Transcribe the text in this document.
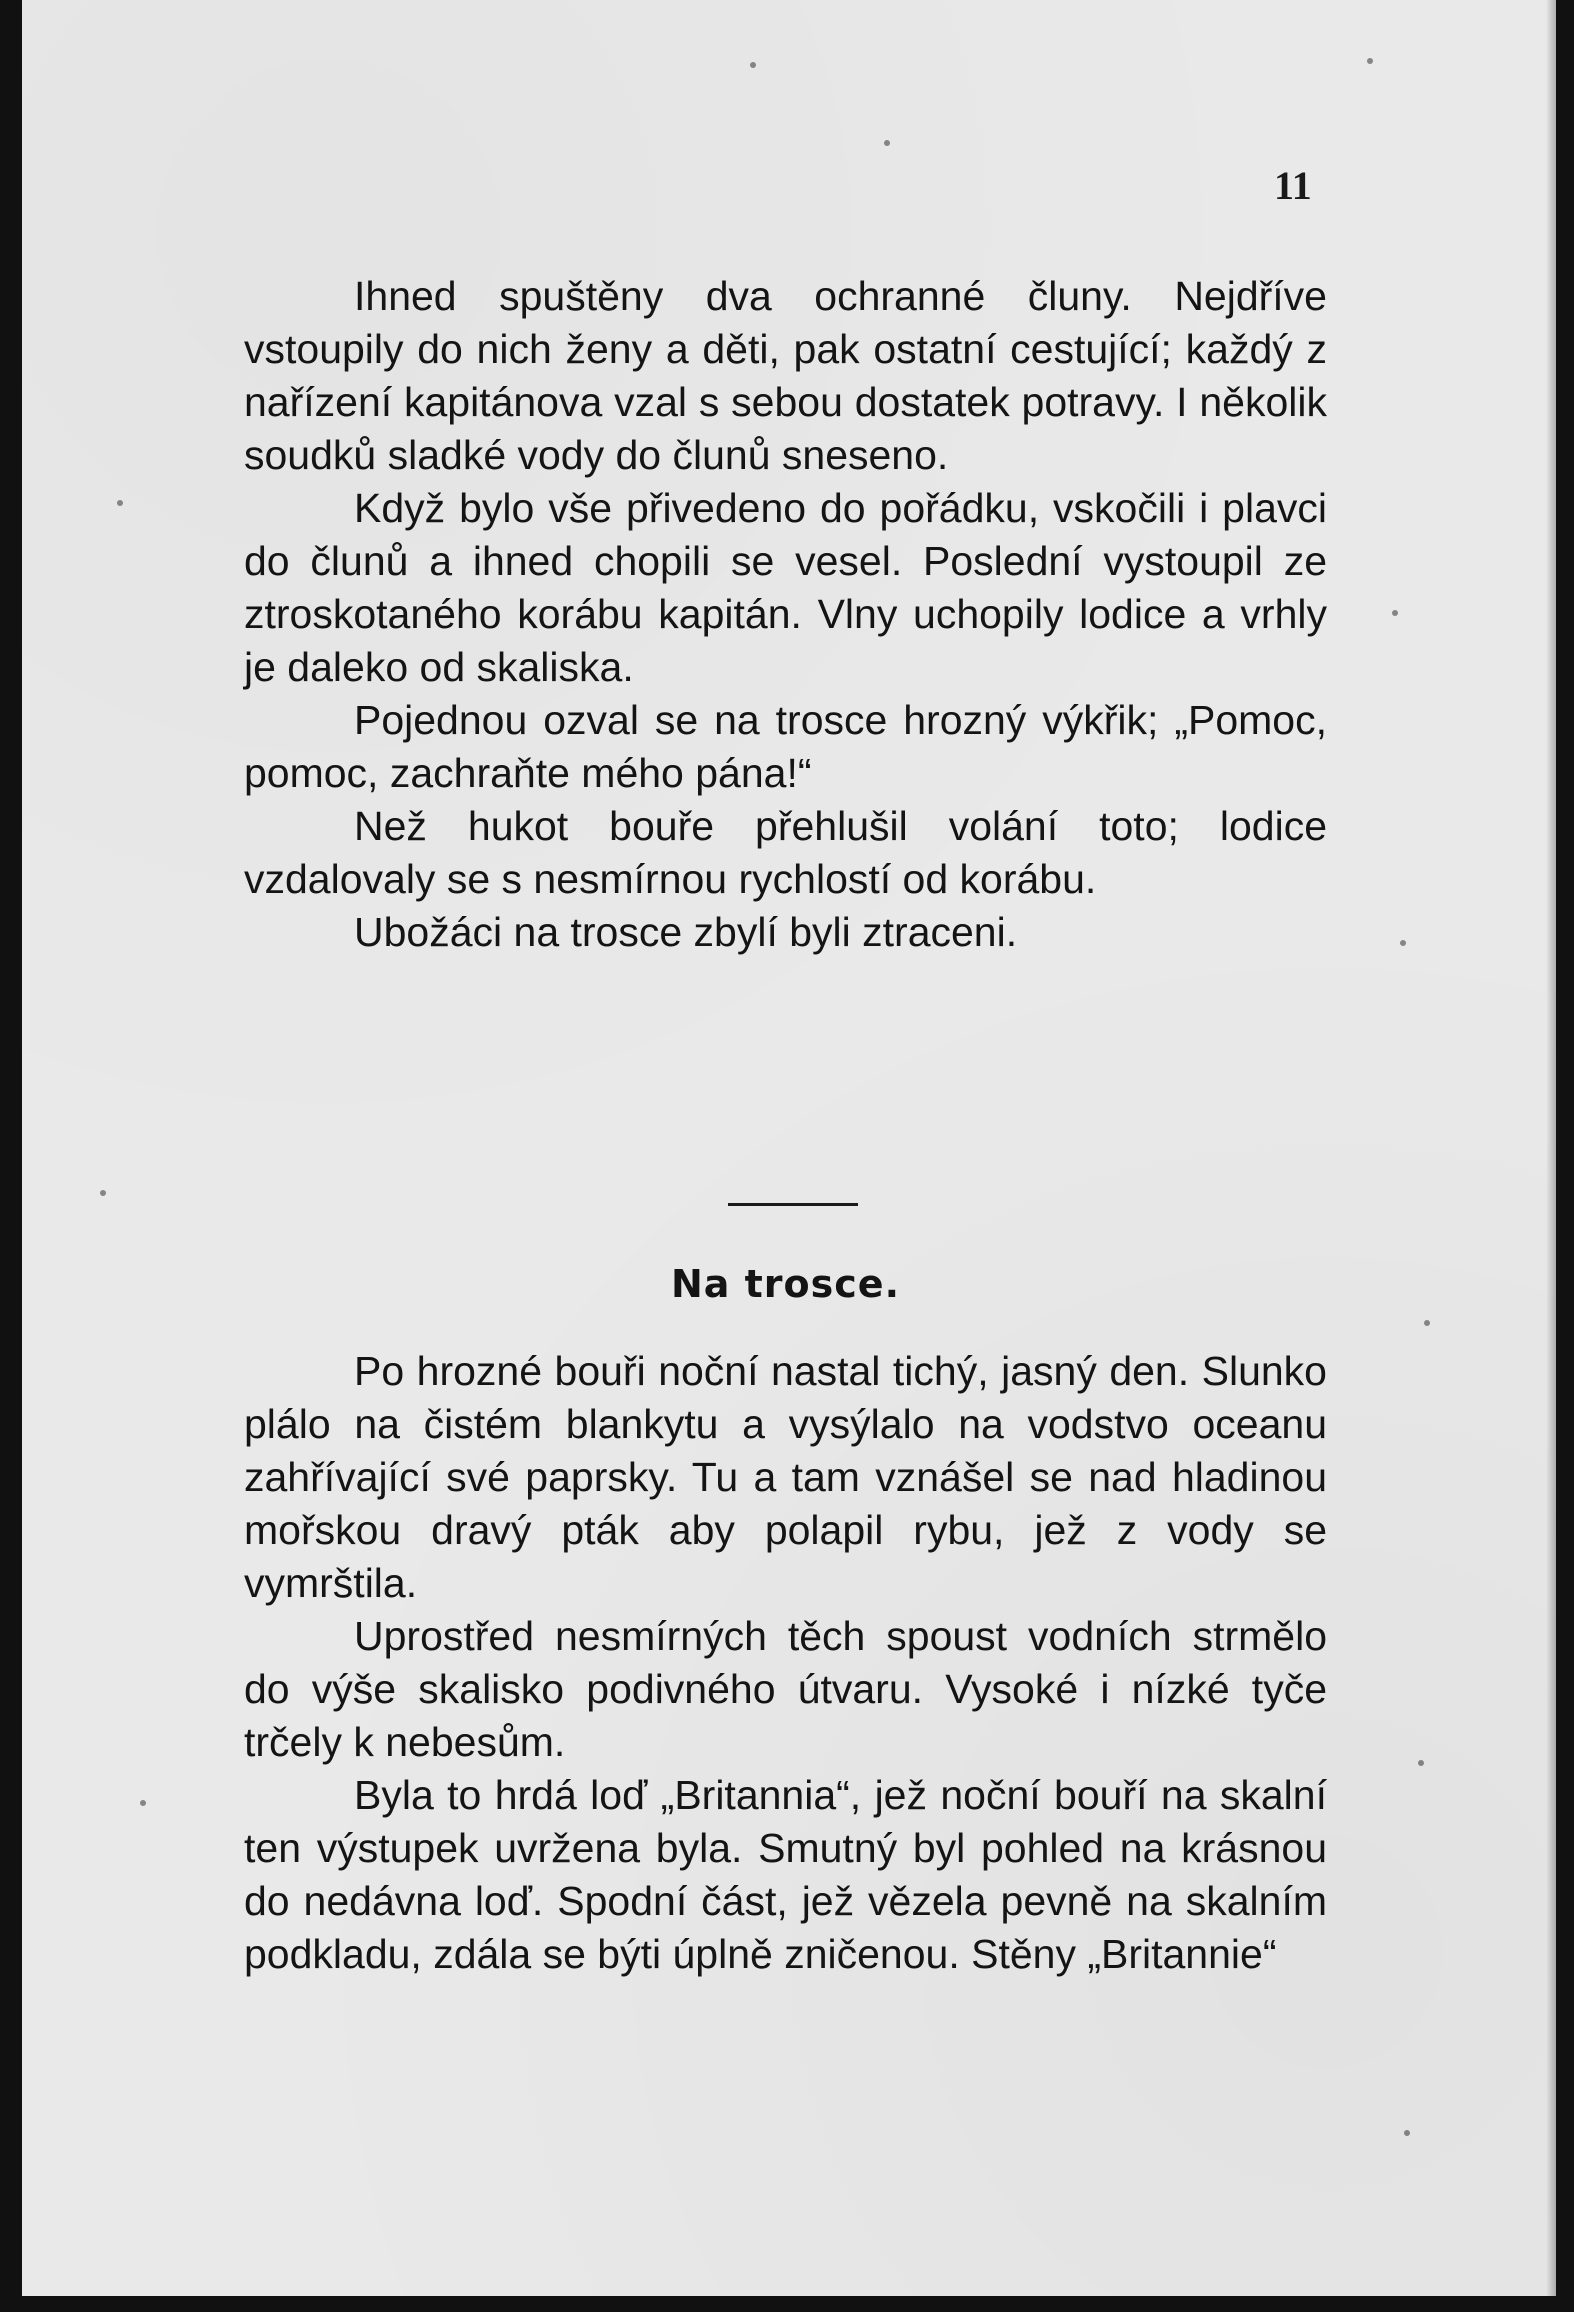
11

Ihned spuštěny dva ochranné čluny. Nejdříve vstoupily do nich ženy a děti, pak ostatní cestující; každý z nařízení kapitánova vzal s sebou dostatek potravy. I několik soudků sladké vody do člunů sneseno.

Když bylo vše přivedeno do pořádku, vskočili i plavci do člunů a ihned chopili se vesel. Poslední vystoupil ze ztroskotaného korábu kapitán. Vlny uchopily lodice a vrhly je daleko od skaliska.

Pojednou ozval se na trosce hrozný výkřik; „Pomoc, pomoc, zachraňte mého pána!“

Než hukot bouře přehlušil volání toto; lodice vzdalovaly se s nesmírnou rychlostí od korábu.

Ubožáci na trosce zbylí byli ztraceni.

Na trosce.

Po hrozné bouři noční nastal tichý, jasný den. Slunko plálo na čistém blankytu a vysýlalo na vodstvo oceanu zahřívající své paprsky. Tu a tam vznášel se nad hladinou mořskou dravý pták aby polapil rybu, jež z vody se vymrštila.

Uprostřed nesmírných těch spoust vodních strmělo do výše skalisko podivného útvaru. Vysoké i nízké tyče trčely k nebesům.

Byla to hrdá loď „Britannia“, jež noční bouří na skalní ten výstupek uvržena byla. Smutný byl pohled na krásnou do nedávna loď. Spodní část, jež vězela pevně na skalním podkladu, zdála se býti úplně zničenou. Stěny „Britannie“
